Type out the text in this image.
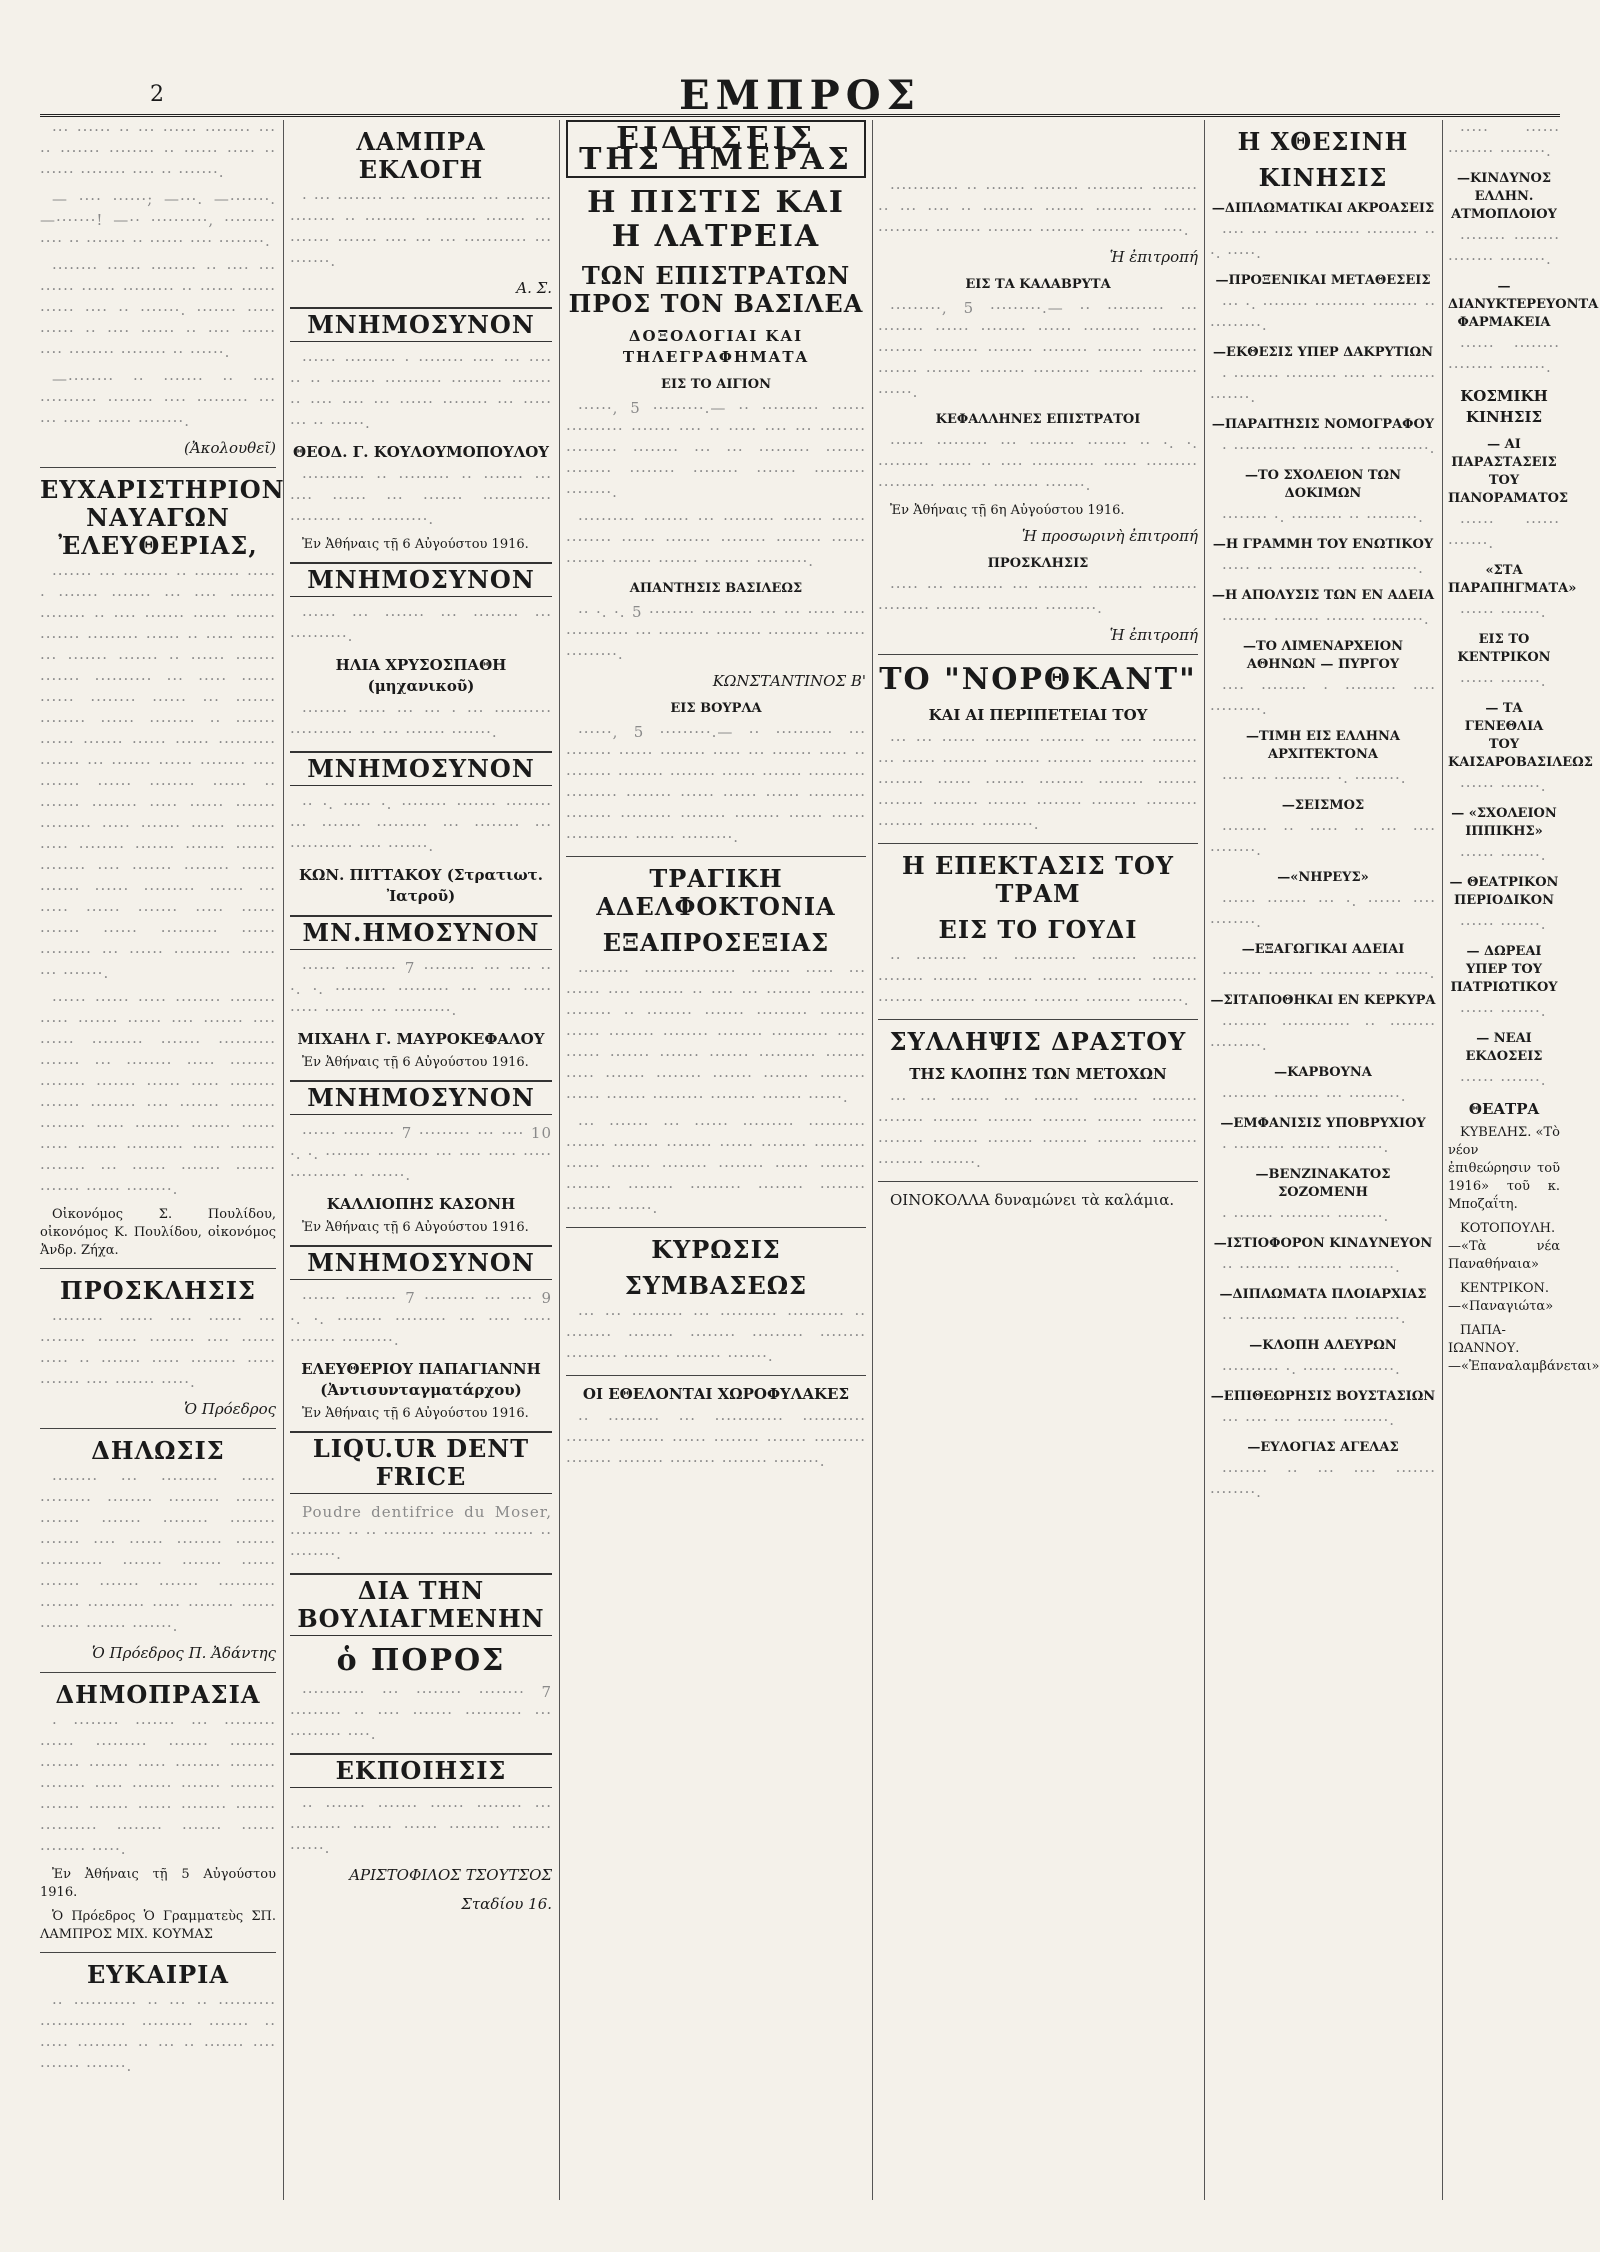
2	ΕΜΠΡΟΣ

··· ······ ·· ··· ······ ········ ··· ·· ······· ········ ·· ······ ····· ·· ······ ········ ···· ·· ·······.

— ···· ······; —···. —·······. —·······! —·· ··········, ········· ···· ·· ······· ·· ······ ···· ········.

········ ······ ········ ·· ···· ··· ······ ······ ········· ·· ······ ······ ······ ···· ·· ·······. ······· ····· ······ ·· ···· ······ ·· ···· ······ ···· ········ ········ ·· ······.

—········ ·· ······· ·· ···· ·········· ········ ···· ········· ··· ··· ····· ······ ········.

(Ἀκολουθεῖ)

ΕΥΧΑΡΙΣΤΗΡΙΟΝ ΝΑΥΑΓΩΝ ἘΛΕΥΘΕΡΙΑΣ,

······· ··· ········ ·· ········ ····· · ······· ······· ··· ···· ········ ········ ·· ···· ······· ······ ······· ······· ········· ······ ·· ····· ······ ··· ······· ······· ·· ······ ······· ······· ·········· ··· ····· ······ ······ ········ ······ ··· ······· ········ ······ ········ ·· ······· ······ ······· ······ ······ ·········· ······· ··· ······· ······ ········ ···· ······· ······ ········ ······ ·· ······· ········ ····· ······ ······· ········· ····· ······· ······ ······· ····· ········ ······· ······· ······· ········ ···· ······· ········ ······ ······· ······ ········· ······ ··· ····· ······ ······· ····· ······ ······· ······ ·········· ······ ········· ··· ······ ·········· ······ ··· ·······.

······ ······ ····· ········ ········ ····· ······· ······ ···· ······· ···· ······ ········· ······· ·········· ······· ··· ········ ····· ········ ········ ······· ······ ····· ········ ······· ········ ···· ······· ········ ········ ····· ········ ······· ······ ····· ······· ·········· ····· ········ ········ ··· ······ ······· ······· ······· ······ ········.

Οἰκονόμος Σ. Πουλίδου, οἰκονόμος Κ. Πουλίδου, οἰκονόμος Ἀνδρ. Ζήχα.

ΠΡΟΣΚΛΗΣΙΣ

········· ······ ···· ······ ··· ········ ······· ········ ···· ······ ····· ·· ······· ····· ········ ····· ······· ···· ······· ·····.

Ὁ Πρόεδρος

ΔΗΛΩΣΙΣ

········ ··· ·········· ······ ········· ········ ········· ······· ······· ······· ········ ········ ······· ···· ······ ········ ······· ··········· ······· ······· ······ ······· ······· ······· ·········· ······· ·········· ····· ········ ······ ······· ······· ·······.

Ὁ Πρόεδρος Π. Ἀδάντης

ΔΗΜΟΠΡΑΣΙΑ

· ········ ······· ··· ········· ······ ········· ······· ········ ······· ······· ····· ········ ········ ········ ····· ······· ······· ········ ······· ······· ······ ········ ······· ·········· ········ ······· ······ ········ ·····.

Ἐν Ἀθήναις τῇ 5 Αὐγούστου 1916.

Ὁ Πρόεδρος Ὁ Γραμματεὺς ΣΠ. ΛΑΜΠΡΟΣ ΜΙΧ. ΚΟΥΜΑΣ

ΕΥΚΑΙΡΙΑ

·· ··········· ·· ··· ·· ·········· ··············· ········· ······· ·· ····· ········· ·· ··· ·· ······· ···· ······· ·······.

ΛΑΜΠΡΑ ΕΚΛΟΓΗ

· ··· ········ ··· ··········· ··· ········ ········ ·· ········· ········· ······· ··· ······· ······· ···· ··· ··· ··········· ··· ·······.

Α. Σ.

ΜΝΗΜΟΣΥΝΟΝ

······ ········· · ········ ···· ··· ···· ·· ·· ········ ·········· ········· ······· ·· ···· ···· ··· ······ ········ ··· ····· ··· ·· ······.

ΘΕΟΔ. Γ. ΚΟΥΛΟΥΜΟΠΟΥΛΟΥ

··········· ·· ········· ·· ······· ··· ···· ······ ··· ······· ············ ········· ··· ··········.

Ἐν Ἀθήναις τῇ 6 Αὐγούστου 1916.

ΜΝΗΜΟΣΥΝΟΝ

······ ··· ······· ··· ········ ··· ··········.

ΗΛΙΑ ΧΡΥΣΟΣΠΑΘΗ (μηχανικοῦ)

········ ····· ··· ··· · ··· ·········· ··········· ··· ··· ······· ·······.

ΜΝΗΜΟΣΥΝΟΝ

·· ·. ····· ·. ········ ······· ········ ··· ······· ········· ··· ········ ··· ··········· ···· ·······.

ΚΩΝ. ΠΙΤΤΑΚΟΥ (Στρατιωτ. Ἰατροῦ)

ΜΝ.ΗΜΟΣΥΝΟΝ

······ ········· 7 ········· ··· ···· ·· ·. ·. ········· ········· ··· ···· ····· ····· ······· ··· ··········.

ΜΙΧΑΗΛ Γ. ΜΑΥΡΟΚΕΦΑΛΟΥ

Ἐν Ἀθήναις τῇ 6 Αὐγούστου 1916.

ΜΝΗΜΟΣΥΝΟΝ

······ ········· 7 ········· ··· ···· 10 ·. ·. ········ ········· ··· ···· ····· ····· ·········· ·· ······.

ΚΑΛΛΙΟΠΗΣ ΚΑΣΟΝΗ

Ἐν Ἀθήναις τῇ 6 Αὐγούστου 1916.

ΜΝΗΜΟΣΥΝΟΝ

······ ········· 7 ········· ··· ···· 9 ·. ·. ········ ········· ··· ···· ····· ········ ·········.

ΕΛΕΥΘΕΡΙΟΥ ΠΑΠΑΓΙΑΝΝΗ (Ἀντισυνταγματάρχου)

Ἐν Ἀθήναις τῇ 6 Αὐγούστου 1916.

LIQU.UR DENT FRICE

Poudre dentifrice du Moser, ········· ·· ·· ········· ········ ······· ·· ········.

ΔΙΑ ΤΗΝ ΒΟΥΛΙΑΓΜΕΝΗΝ
ὁ ΠΟΡΟΣ

··········· ··· ········ ········ 7 ········· ·· ···· ······· ·········· ··· ········· ····.

ΕΚΠΟΙΗΣΙΣ

·· ······· ······· ······ ········ ··· ········· ······· ······ ········· ······· ······.

ΑΡΙΣΤΟΦΙΛΟΣ ΤΣΟΥΤΣΟΣ

Σταδίου 16.

ΕΙΔΗΣΕΙΣ ΤΗΣ ΗΜΕΡΑΣ
Η ΠΙΣΤΙΣ ΚΑΙ Η ΛΑΤΡΕΙΑ
ΤΩΝ ΕΠΙΣΤΡΑΤΩΝ ΠΡΟΣ ΤΟΝ ΒΑΣΙΛΕΑ
ΔΟΞΟΛΟΓΙΑΙ ΚΑΙ ΤΗΛΕΓΡΑΦΗΜΑΤΑ
ΕΙΣ ΤΟ ΑΙΓΙΟΝ

······, 5 ·········.— ·· ·········· ······ ·········· ······· ···· ·· ····· ···· ··· ········ ········· ········ ··· ··· ········· ······· ········ ········ ········ ······· ········· ········.

·········· ········ ··· ········· ······· ······ ········ ······ ········ ········ ········ ······ ······· ······· ······· ········ ·········.

ΑΠΑΝΤΗΣΙΣ ΒΑΣΙΛΕΩΣ

·· ·. ·. 5 ········ ········· ··· ··· ····· ···· ··········· ··· ········· ········ ········· ······· ·········.

ΚΩΝΣΤΑΝΤΙΝΟΣ Β'

ΕΙΣ ΒΟΥΡΛΑ

······, 5 ·········.— ·· ·········· ··· ········ ······ ········ ····· ··· ······· ····· ·· ········ ········ ········ ······ ······· ·········· ········· ········ ······ ······ ······ ·········· ········ ········· ········ ········ ······ ······ ··········· ······· ·········.

ΤΡΑΓΙΚΗ ΑΔΕΛΦΟΚΤΟΝΙΑ
ΕΞΑΠΡΟΣΕΞΙΑΣ

········· ················ ······· ····· ··· ······ ···· ········ ·· ···· ··· ········ ········ ········ ·· ········ ······· ········· ········ ······ ········ ········ ········ ·········· ····· ······ ······· ······· ······· ·········· ······· ····· ······· ········ ······· ········ ········ ······ ······· ········· ········ ······· ······.

··· ······· ··· ······ ········· ·········· ······· ········ ········ ······ ········ ········· ······ ······· ········ ········ ······ ········ ········ ········ ········· ········ ········ ········ ······.

ΚΥΡΩΣΙΣ
ΣΥΜΒΑΣΕΩΣ

··· ··· ········· ··· ·········· ·········· ·· ········ ········ ········ ········· ········ ········· ········ ········ ·······.

ΟΙ ΕΘΕΛΟΝΤΑΙ ΧΩΡΟΦΥΛΑΚΕΣ

·· ········· ··· ············ ··········· ········ ········ ······ ········ ······· ········· ········ ········ ········ ········ ········.

············ ·· ······· ········ ·········· ········ ·· ··· ···· ·· ········· ······· ·········· ······ ········· ········ ········ ········ ······· ········.

Ἡ ἐπιτροπή

ΕΙΣ ΤΑ ΚΑΛΑΒΡΥΤΑ

·········, 5 ·········.— ·· ·········· ··· ········ ······ ········ ······ ·········· ········ ········ ········ ········ ········ ········ ········ ······· ········ ········ ·········· ········ ········ ······.

ΚΕΦΑΛΛΗΝΕΣ ΕΠΙΣΤΡΑΤΟΙ

······ ········· ··· ········ ······· ·· ·. ·. ········· ······ ·· ···· ··········· ······ ········· ·········· ········ ········ ·······.

Ἐν Ἀθήναις τῇ 6η Αὐγούστου 1916.

Ἡ προσωρινὴ ἐπιτροπή

ΠΡΟΣΚΛΗΣΙΣ

····· ··· ········· ··· ········· ········ ········ ········· ········ ········· ·········.

Ἡ ἐπιτροπή

ΤΟ "ΝΟΡΘΚΑΝΤ"
ΚΑΙ ΑΙ ΠΕΡΙΠΕΤΕΙΑΙ ΤΟΥ

··· ··· ······ ········ ········ ··· ···· ········ ··· ······ ········ ········ ········ ········ ········ ········ ······ ······· ········ ········ ······· ········ ········ ······· ········ ········ ········· ········ ········ ·········.

Η ΕΠΕΚΤΑΣΙΣ ΤΟΥ ΤΡΑΜ
ΕΙΣ ΤΟ ΓΟΥΔΙ

·· ········· ··· ··········· ········ ········ ········ ········ ········ ········ ········ ········ ········ ········ ········ ········ ········ ········.

ΣΥΛΛΗΨΙΣ ΔΡΑΣΤΟΥ
ΤΗΣ ΚΛΟΠΗΣ ΤΩΝ ΜΕΤΟΧΩΝ

··· ··· ······· ··· ········ ········ ········ ········ ········ ········ ········ ········ ········ ········ ········ ········ ········ ········ ········ ········ ········.

ΟΙΝΟΚΟΛΛΑ δυναμώνει τὰ καλάμια.

Η ΧΘΕΣΙΝΗ
ΚΙΝΗΣΙΣ
—ΔΙΠΛΩΜΑΤΙΚΑΙ ΑΚΡΟΑΣΕΙΣ

···· ··· ······ ········ ········· ·· ·. ·····.

—ΠΡΟΞΕΝΙΚΑΙ ΜΕΤΑΘΕΣΕΙΣ

··· ·. ········ ········· ········ ·· ·········.

—ΕΚΘΕΣΙΣ ΥΠΕΡ ΔΑΚΡΥΤΙΩΝ

· ········ ········· ···· ·· ········ ·······.

—ΠΑΡΑΙΤΗΣΙΣ ΝΟΜΟΓΡΑΦΟΥ

· ··········· ········· ·· ·········.

—ΤΟ ΣΧΟΛΕΙΟΝ ΤΩΝ ΔΟΚΙΜΩΝ

········ ·. ········· ·· ·········.

—Η ΓΡΑΜΜΗ ΤΟΥ ΕΝΩΤΙΚΟΥ

····· ··· ········· ····· ········.

—Η ΑΠΟΛΥΣΙΣ ΤΩΝ ΕΝ ΑΔΕΙΑ

········ ········ ······· ·········.

—ΤΟ ΛΙΜΕΝΑΡΧΕΙΟΝ ΑΘΗΝΩΝ — ΠΥΡΓΟΥ

···· ········ · ········· ···· ·········.

—ΤΙΜΗ ΕΙΣ ΕΛΛΗΝΑ ΑΡΧΙΤΕΚΤΟΝΑ

···· ··· ·········· ·. ········.

—ΣΕΙΣΜΟΣ

········ ·· ····· ·· ··· ···· ········.

—«ΝΗΡΕΥΣ»

······ ······· ··· ·. ······ ···· ········.

—ΕΞΑΓΩΓΙΚΑΙ ΑΔΕΙΑΙ

······· ········ ········· ·· ······.

—ΣΙΤΑΠΟΘΗΚΑΙ ΕΝ ΚΕΡΚΥΡΑ

········ ············ ·· ········ ·········.

—ΚΑΡΒΟΥΝΑ

········ ········ ··· ·········.

—ΕΜΦΑΝΙΣΙΣ ΥΠΟΒΡΥΧΙΟΥ

· ········· ······· ········.

—ΒΕΝΖΙΝΑΚΑΤΟΣ ΣΟΖΟΜΕΝΗ

· ······· ········· ········.

—ΙΣΤΙΟΦΟΡΟΝ ΚΙΝΔΥΝΕΥΟΝ

·· ········· ········ ········.

—ΔΙΠΛΩΜΑΤΑ ΠΛΟΙΑΡΧΙΑΣ

·· ·········· ········ ········.

—ΚΛΟΠΗ ΑΛΕΥΡΩΝ

·········· ·. ······ ·········.

—ΕΠΙΘΕΩΡΗΣΙΣ ΒΟΥΣΤΑΣΙΩΝ

··· ···· ··· ······· ········.

—ΕΥΛΟΓΙΑΣ ΑΓΕΛΑΣ

········ ·· ··· ···· ······· ········.

····· ······ ········ ········.

—ΚΙΝΔΥΝΟΣ ΕΛΛΗΝ. ΑΤΜΟΠΛΟΙΟΥ

········ ········ ········ ········.

—ΔΙΑΝΥΚΤΕΡΕΥΟΝΤΑ ΦΑΡΜΑΚΕΙΑ

······ ········ ········ ········.

ΚΟΣΜΙΚΗ ΚΙΝΗΣΙΣ
— ΑΙ ΠΑΡΑΣΤΑΣΕΙΣ ΤΟΥ ΠΑΝΟΡΑΜΑΤΟΣ

······ ······ ·······.

«ΣΤΑ ΠΑΡΑΠΗΓΜΑΤΑ»

······ ·······.

ΕΙΣ ΤΟ ΚΕΝΤΡΙΚΟΝ

······ ·······.

— ΤΑ ΓΕΝΕΘΛΙΑ ΤΟΥ ΚΑΙΣΑΡΟΒΑΣΙΛΕΩΣ

······ ·······.

— «ΣΧΟΛΕΙΟΝ ΙΠΠΙΚΗΣ»

······ ·······.

— ΘΕΑΤΡΙΚΟΝ ΠΕΡΙΟΔΙΚΟΝ

······ ·······.

— ΔΩΡΕΑΙ ΥΠΕΡ ΤΟΥ ΠΑΤΡΙΩΤΙΚΟΥ

······ ·······.

— ΝΕΑΙ ΕΚΔΟΣΕΙΣ

······ ·······.

ΘΕΑΤΡΑ

ΚΥΒΕΛΗΣ. «Τὸ νέον ἐπιθεώρησιν τοῦ 1916» τοῦ κ. Μποζαΐτη.

ΚΟΤΟΠΟΥΛΗ.—«Τὰ νέα Παναθήναια»

ΚΕΝΤΡΙΚΟΝ.—«Παναγιώτα»

ΠΑΠΑ-ΙΩΑΝΝΟΥ.—«Ἐπαναλαμβάνεται»
